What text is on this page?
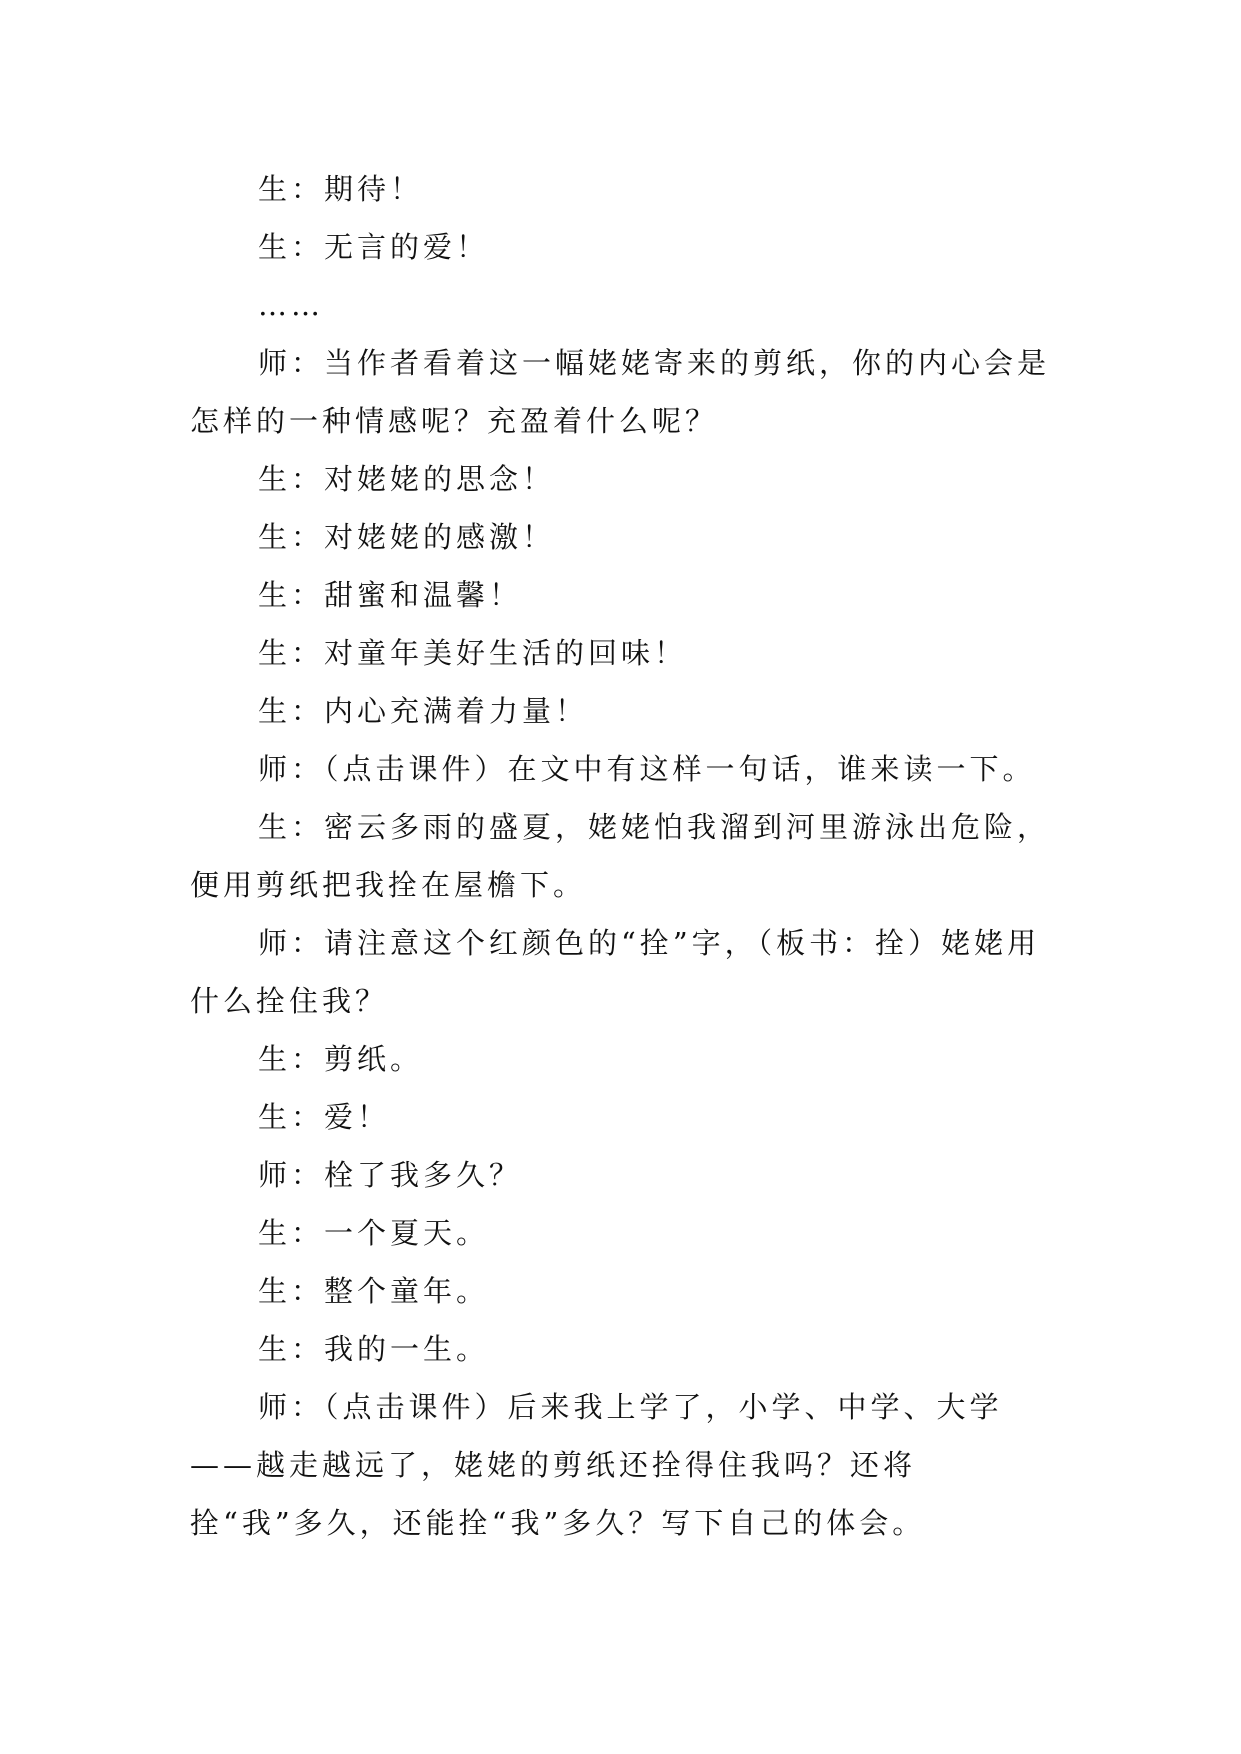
生：期待！

生：无言的爱！

……

师：当作者看着这一幅姥姥寄来的剪纸，你的内心会是怎样的一种情感呢？充盈着什么呢？

生：对姥姥的思念！

生：对姥姥的感激！

生：甜蜜和温馨！

生：对童年美好生活的回味！

生：内心充满着力量！

师：（点击课件）在文中有这样一句话，谁来读一下。

生：密云多雨的盛夏，姥姥怕我溜到河里游泳出危险，便用剪纸把我拴在屋檐下。

师：请注意这个红颜色的“拴”字，（板书：拴）姥姥用什么拴住我？

生：剪纸。

生：爱！

师：栓了我多久？

生：一个夏天。

生：整个童年。

生：我的一生。

师：（点击课件）后来我上学了，小学、中学、大学——越走越远了，姥姥的剪纸还拴得住我吗？还将拴“我”多久，还能拴“我”多久？写下自己的体会。
